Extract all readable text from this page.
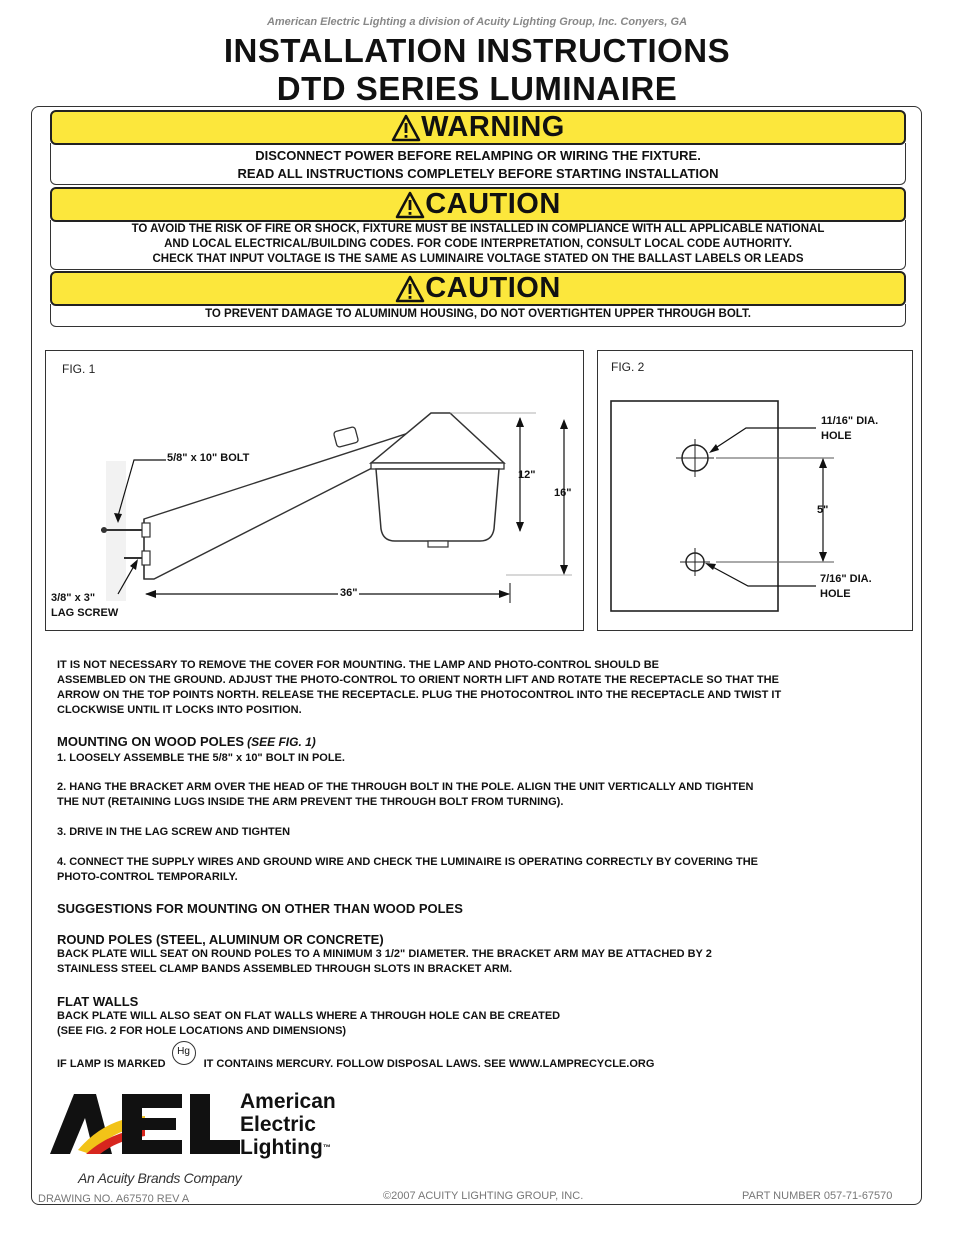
American Electric Lighting a division of Acuity Lighting Group, Inc. Conyers, GA
INSTALLATION INSTRUCTIONS
DTD SERIES LUMINAIRE
WARNING
DISCONNECT POWER BEFORE RELAMPING OR WIRING THE FIXTURE.
READ ALL INSTRUCTIONS COMPLETELY BEFORE STARTING INSTALLATION
CAUTION
TO AVOID THE RISK OF FIRE OR SHOCK, FIXTURE MUST BE INSTALLED IN COMPLIANCE WITH ALL APPLICABLE NATIONAL
AND LOCAL ELECTRICAL/BUILDING CODES. FOR CODE INTERPRETATION, CONSULT LOCAL CODE AUTHORITY.
CHECK THAT INPUT VOLTAGE IS THE SAME AS LUMINAIRE VOLTAGE STATED ON THE BALLAST LABELS OR LEADS
CAUTION
TO PREVENT DAMAGE TO ALUMINUM HOUSING, DO NOT OVERTIGHTEN UPPER THROUGH BOLT.
FIG. 1
5/8" x 10" BOLT
3/8" x 3"
LAG SCREW
12"
16"
36"
FIG. 2
11/16" DIA.
HOLE
5"
7/16" DIA.
HOLE
IT IS NOT NECESSARY TO REMOVE THE COVER FOR MOUNTING. THE LAMP AND PHOTO-CONTROL SHOULD BE
ASSEMBLED ON THE GROUND. ADJUST THE PHOTO-CONTROL TO ORIENT NORTH LIFT AND ROTATE THE RECEPTACLE SO THAT THE
ARROW ON THE TOP POINTS NORTH. RELEASE THE RECEPTACLE. PLUG THE PHOTOCONTROL INTO THE RECEPTACLE AND TWIST IT
CLOCKWISE UNTIL IT LOCKS INTO POSITION.
MOUNTING ON WOOD POLES (SEE FIG. 1)
1. LOOSELY ASSEMBLE THE 5/8" x 10" BOLT IN POLE.
2. HANG THE BRACKET ARM OVER THE HEAD OF THE THROUGH BOLT IN THE POLE. ALIGN THE UNIT VERTICALLY AND TIGHTEN
THE NUT (RETAINING LUGS INSIDE THE ARM PREVENT THE THROUGH BOLT FROM TURNING).
3. DRIVE IN THE LAG SCREW AND TIGHTEN
4. CONNECT THE SUPPLY WIRES AND GROUND WIRE AND CHECK THE LUMINAIRE IS OPERATING CORRECTLY BY COVERING THE
PHOTO-CONTROL TEMPORARILY.
SUGGESTIONS FOR MOUNTING ON OTHER THAN WOOD POLES
ROUND POLES (STEEL, ALUMINUM OR CONCRETE)
BACK PLATE WILL SEAT ON ROUND POLES TO A MINIMUM 3 1/2" DIAMETER. THE BRACKET ARM MAY BE ATTACHED BY 2
STAINLESS STEEL CLAMP BANDS ASSEMBLED THROUGH SLOTS IN BRACKET ARM.
FLAT WALLS
BACK PLATE WILL ALSO SEAT ON FLAT WALLS WHERE A THROUGH HOLE CAN BE CREATED
(SEE FIG. 2 FOR HOLE LOCATIONS AND DIMENSIONS)
IF LAMP IS MARKED
Hg
IT CONTAINS MERCURY. FOLLOW DISPOSAL LAWS. SEE WWW.LAMPRECYCLE.ORG
American
Electric
Lighting™
An Acuity Brands Company
DRAWING NO. A67570 REV A	©2007 ACUITY LIGHTING GROUP, INC.	PART NUMBER 057-71-67570
